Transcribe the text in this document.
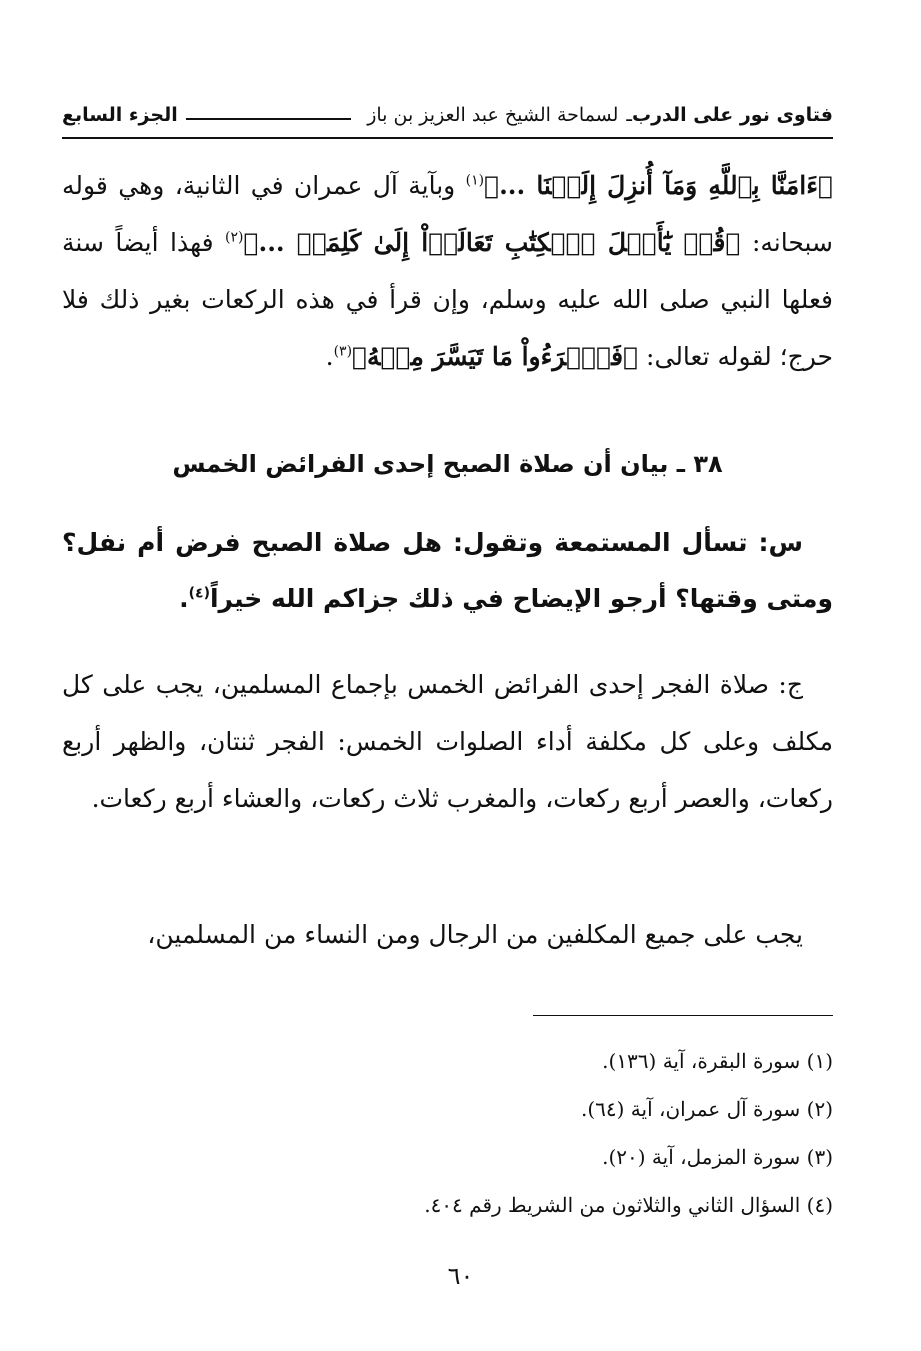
فتاوى نور على الدرب
ـ
لسماحة الشيخ عبد العزيز بن باز
الجزء السابع
﴿ءَامَنَّا بِٱللَّهِ وَمَآ أُنزِلَ إِلَيۡنَا ...﴾$^{(١)}$ وبآية آل عمران في الثانية، وهي قوله سبحانه: ﴿قُلۡ يَٰٓأَهۡلَ ٱلۡكِتَٰبِ تَعَالَوۡاْ إِلَىٰ كَلِمَةٖ ...﴾$^{(٢)}$ فهذا أيضاً سنة فعلها النبي صلى الله عليه وسلم، وإن قرأ في هذه الركعات بغير ذلك فلا حرج؛ لقوله تعالى: ﴿فَٱقۡرَءُواْ مَا تَيَسَّرَ مِنۡهُ﴾$^{(٣)}$.
٣٨ ـ بيان أن صلاة الصبح إحدى الفرائض الخمس
س: تسأل المستمعة وتقول: هل صلاة الصبح فرض أم نفل؟ ومتى وقتها؟ أرجو الإيضاح في ذلك جزاكم الله خيراً$^{(٤)}$.
ج: صلاة الفجر إحدى الفرائض الخمس بإجماع المسلمين، يجب على كل مكلف وعلى كل مكلفة أداء الصلوات الخمس: الفجر ثنتان، والظهر أربع ركعات، والعصر أربع ركعات، والمغرب ثلاث ركعات، والعشاء أربع ركعات.
يجب على جميع المكلفين من الرجال ومن النساء من المسلمين،
(١) سورة البقرة، آية (١٣٦).
(٢) سورة آل عمران، آية (٦٤).
(٣) سورة المزمل، آية (٢٠).
(٤) السؤال الثاني والثلاثون من الشريط رقم ٤٠٤.
٦٠
